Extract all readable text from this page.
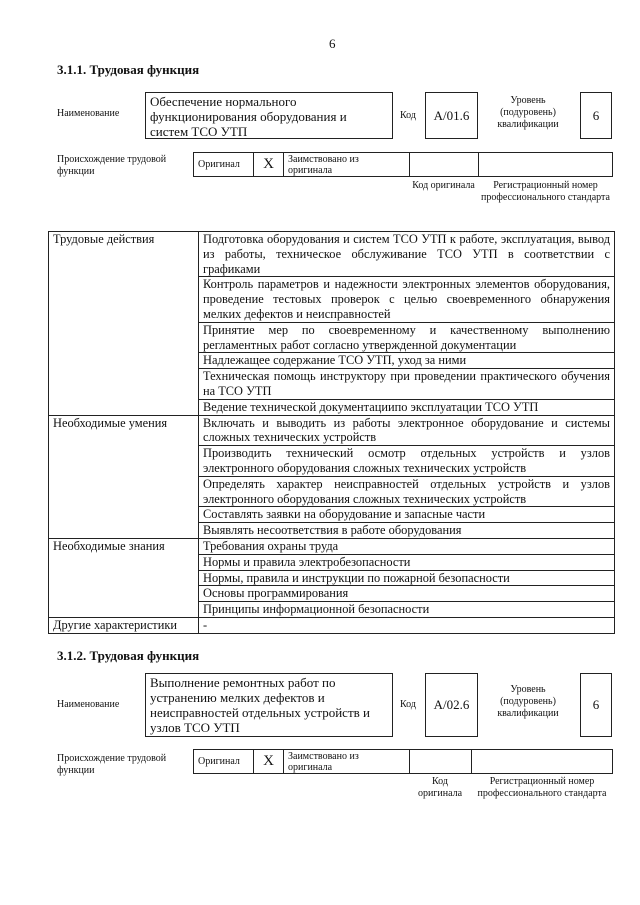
6
3.1.1. Трудовая функция
Наименование
Обеспечение нормального функционирования оборудования и систем ТСО УТП
Код	A/01.6
Уровень (подуровень) квалификации
6
Происхождение трудовой функции
Оригинал	X	Заимствовано из оригинала
Код оригинала	Регистрационный номер профессионального стандарта
Трудовые действия	Подготовка оборудования и систем ТСО УТП к работе, эксплуатация, вывод из работы, техническое обслуживание ТСО УТП в соответствии с графиками
	Контроль параметров и надежности электронных элементов оборудования, проведение тестовых проверок с целью своевременного обнаружения мелких дефектов и неисправностей
	Принятие мер по своевременному и качественному выполнению регламентных работ согласно утвержденной документации
	Надлежащее содержание ТСО УТП, уход за ними
	Техническая помощь инструктору при проведении практического обучения на ТСО УТП
	Ведение технической документациипо эксплуатации ТСО УТП
Необходимые умения	Включать и выводить из работы электронное оборудование и системы сложных технических устройств
	Производить технический осмотр отдельных устройств и узлов электронного оборудования сложных технических устройств
	Определять характер неисправностей отдельных устройств и узлов электронного оборудования сложных технических устройств
	Составлять заявки на оборудование и запасные части
	Выявлять несоответствия в работе оборудования
Необходимые знания	Требования охраны труда
	Нормы и правила электробезопасности
	Нормы, правила и инструкции по пожарной безопасности
	Основы программирования
	Принципы информационной безопасности
Другие характеристики	-
3.1.2. Трудовая функция
Наименование
Выполнение ремонтных работ по устранению мелких дефектов и неисправностей отдельных устройств и узлов ТСО УТП
Код	A/02.6
Уровень (подуровень) квалификации
6
Происхождение трудовой функции
Оригинал	X	Заимствовано из оригинала
Код оригинала
Регистрационный номер профессионального стандарта
